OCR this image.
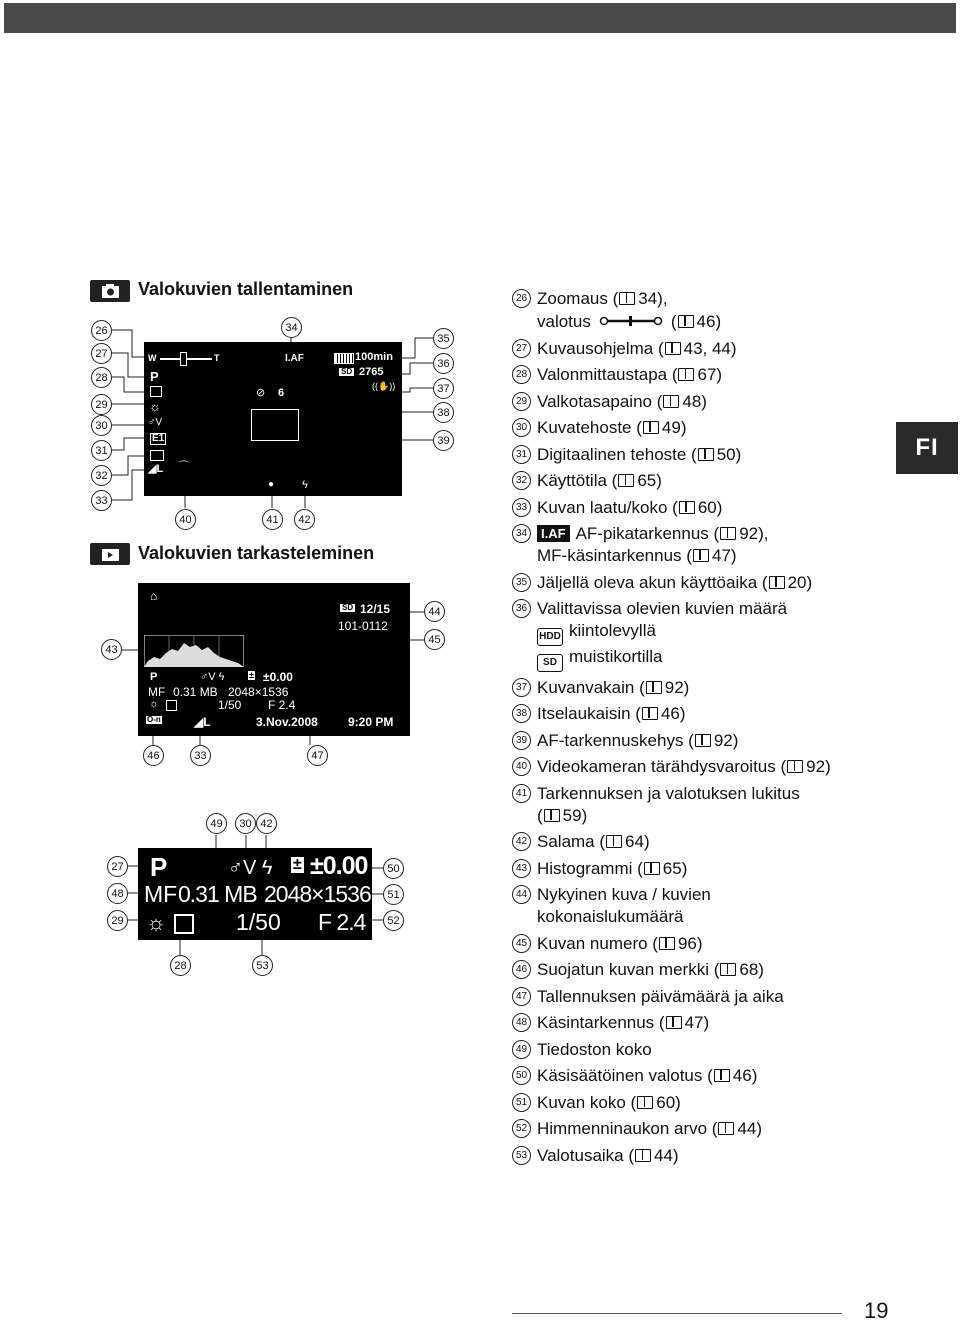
FI
Valokuvien tallentaminen
W	T
P
☼
♂V
E1
◢L
I.AF	100min
SD 2765
((✋))
⊘ 6
⌒
●	ϟ
Valokuvien tarkasteleminen
⌂
SD 12/15
101-0112
P	♂V ϟ	± ±0.00
MF 0.31 MB 2048×1536
☼	1/50 F 2.4
O-n	◢L	3.Nov.2008	9:20 PM
P	♂V ϟ ± ±0.00
MF 0.31 MB 2048×1536
☼	1/50 F 2.4
26
27
28
29
30
31
32
33
34
35
36
37
38
39
40	41	42
43
44
45
46	33	47
49	30 42
27
48
29
50
51
52
28	53
26 Zoomaus ( 34),
valotus	( 46)
27 Kuvausohjelma ( 43, 44)
28 Valonmittaustapa ( 67)
29 Valkotasapaino ( 48)
30 Kuvatehoste ( 49)
31 Digitaalinen tehoste ( 50)
32 Käyttötila ( 65)
33 Kuvan laatu/koko ( 60)
34	I.AF AF-pikatarkennus ( 92),
MF-käsintarkennus ( 47)
35 Jäljellä oleva akun käyttöaika ( 20)
36 Valittavissa olevien kuvien määrä
HDD kiintolevyllä
SD muistikortilla
37 Kuvanvakain ( 92)
38 Itselaukaisin ( 46)
39 AF-tarkennuskehys ( 92)
40 Videokameran tärähdysvaroitus ( 92)
41 Tarkennuksen ja valotuksen lukitus
( 59)
42 Salama ( 64)
43 Histogrammi ( 65)
44 Nykyinen kuva / kuvien
kokonaislukumäärä
45 Kuvan numero ( 96)
46 Suojatun kuvan merkki ( 68)
47 Tallennuksen päivämäärä ja aika
48 Käsintarkennus ( 47)
49 Tiedoston koko
50 Käsisäätöinen valotus ( 46)
51 Kuvan koko ( 60)
52 Himmenninaukon arvo ( 44)
53 Valotusaika ( 44)
19
